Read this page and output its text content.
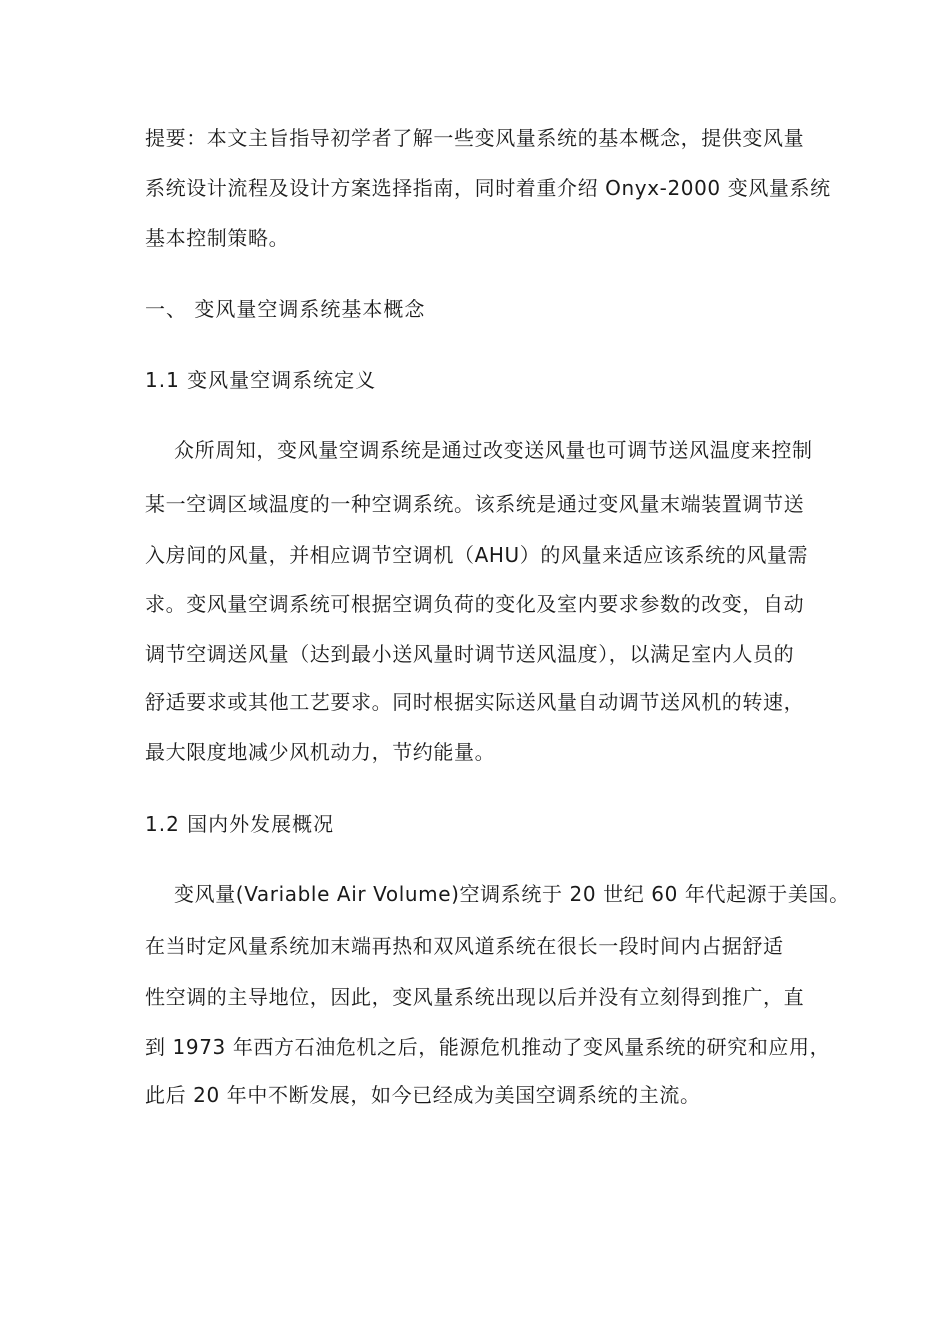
提要：本文主旨指导初学者了解一些变风量系统的基本概念，提供变风量
系统设计流程及设计方案选择指南，同时着重介绍 Onyx-2000 变风量系统
基本控制策略。
一、 变风量空调系统基本概念
1.1 变风量空调系统定义
众所周知，变风量空调系统是通过改变送风量也可调节送风温度来控制
某一空调区域温度的一种空调系统。该系统是通过变风量末端装置调节送
入房间的风量，并相应调节空调机（AHU）的风量来适应该系统的风量需
求。变风量空调系统可根据空调负荷的变化及室内要求参数的改变，自动
调节空调送风量（达到最小送风量时调节送风温度），以满足室内人员的
舒适要求或其他工艺要求。同时根据实际送风量自动调节送风机的转速，
最大限度地减少风机动力，节约能量。
1.2 国内外发展概况
变风量(Variable Air Volume)空调系统于 20 世纪 60 年代起源于美国。
在当时定风量系统加末端再热和双风道系统在很长一段时间内占据舒适
性空调的主导地位，因此，变风量系统出现以后并没有立刻得到推广，直
到 1973 年西方石油危机之后，能源危机推动了变风量系统的研究和应用，
此后 20 年中不断发展，如今已经成为美国空调系统的主流。
